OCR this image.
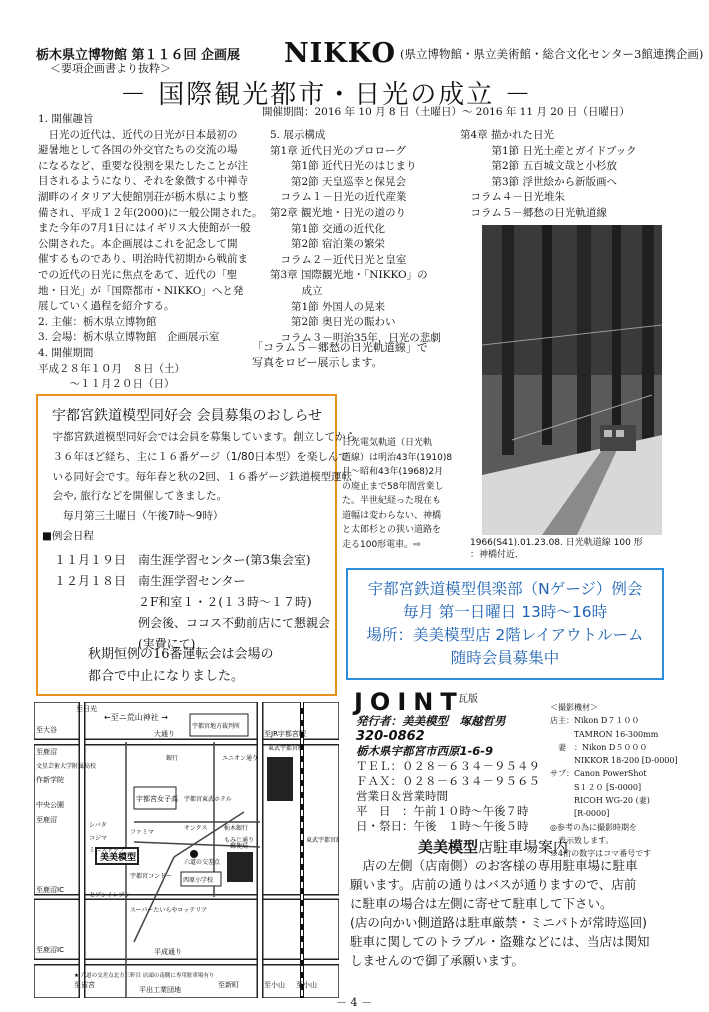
栃木県立博物館 第１１６回 企画展
＜要項企画書より抜粋＞	NIKKO (県立博物館・県立美術館・総合文化センター3館連携企画)
－ 国際観光都市・日光の成立 －
開催期間：2016 年 10 月 8 日（土曜日）～ 2016 年 11 月 20 日（日曜日）
1. 開催趣旨
　日光の近代は、近代の日光が日本最初の
避暑地として各国の外交官たちの交流の場
になるなど、重要な役割を果たしたことが注
目されるようになり、それを象徴する中禅寺
湖畔のイタリア大使館別荘が栃木県により整
備され、平成１２年(2000)に一般公開された。
また今年の7月1日にはイギリス大使館が一般
公開された。本企画展はこれを記念して開
催するものであり、明治時代初期から戦前ま
での近代の日光に焦点をあて、近代の「聖
地・日光」が「国際都市・NIKKO」へと発
展していく過程を紹介する。
2. 主催：栃木県立博物館
3. 会場：栃木県立博物館　企画展示室
4. 開催期間
平成２８年１０月　８日（土）
　　　～１１月２０日（日）
5. 展示構成
第1章 近代日光のプロローグ
　　第1節 近代日光のはじまり
　　第2節 天皇巡幸と保晃会
　コラム１－日光の近代産業
第2章 観光地・日光の道のり
　　第1節 交通の近代化
　　第2節 宿泊業の繁栄
　コラム２－近代日光と皇室
第3章 国際観光地・「NIKKO」の
　　　成立
　　第1節 外国人の晃来
　　第2節 奥日光の賑わい
　コラム３－明治35年，日光の悲劇
第4章 描かれた日光
　　　第1節 日光土産とガイドブック
　　　第2節 五百城文哉と小杉放
　　　第3節 浮世絵から新版画へ
　コラム４－日光堆朱
　コラム５－郷愁の日光軌道線
「コラム５－郷愁の日光軌道線」で
写真をロビー展示します。
日光電気軌道（日光軌
道線）は明治43年(1910)8
月～昭和43年(1968)2月
の廃止まで58年間営業し
た。半世紀経った現在も
道幅は変わらない、神橋
と太郎杉との狭い道路を
走る100形電車。⇨	1966(S41).01.23.08. 日光軌道線 100 形
：神橋付近．
宇都宮鉄道模型同好会 会員募集のおしらせ
　宇都宮鉄道模型同好会では会員を募集しています。創立してから
　３６年ほど経ち、主に１６番ゲージ（1/80日本型）を楽しんで
　いる同好会です。毎年春と秋の2回、１６番ゲージ鉄道模型運転
　会や, 旅行などを開催してきました。
　　毎月第三土曜日（午後7時～9時）
■例会日程
　１１月１９日　南生涯学習センター(第3集会室)
　１２月１８日　南生涯学習センター
　　　　　　　　２F和室１・２(１３時～１７時)
　　　　　　　　例会後、ココス不動前店にて懇親会
　　　　　　　　(実費にて)
秋期恒例の16番運転会は会場の
都合で中止になりました。
宇都宮鉄道模型倶楽部（Nゲージ）例会
毎月 第一日曜日 13時～16時
場所：美美模型店 2階レイアウトルーム
随時会員募集中
←至ニ荒山神社 →
至日光
平出工業団地
至大谷	大通り
銀行
宇都宮地方裁判所
ユニオン通り
至JR宇都宮駅
至鹿沼	東武宇都宮駅
文星芸術大学附属高校
作新学院
宇都宮女子高 宇都宮東武ホテル
中央公園
至鹿沼
シバタ
コジマ
ファミマ
サンクス	栃木銀行
もみじ通り
ミニストップ
美美模型
宇都宮コンドー
六道の交差点
郵便局
西原小学校
東武宇都宮線
至鹿沼IC
セブンイレブン
スーパーたいらやロッテリア
至鹿沼IC	平成通り
至雀宮	至新町	至小山 至小山
★ 六道の交差点北方三軒目 店頭の南側に専用駐車場有り
JOINT
瓦版
発行者：美美模型　塚越哲男
320-0862
栃木県宇都宮市西原1-6-9
ＴＥＬ：０２８－６３４－９５４９
ＦＡＸ：０２８－６３４－９５６５
営業日＆営業時間
平　日　：午前１０時～午後７時
日・祭日：午後　１時～午後５時
＜撮影機材＞
店主：Nikon D７１００
　　　TAMRON 16-300mm
　妻　：Nikon D５０００
　　　NIKKOR 18-200 [D-0000]
サブ：Canon PowerShot
　　　S１２０ [S-0000]
　　　RICOH WG-20 (妻)
　　　[R-0000]
◎参考の為に撮影時期を
　表示致します。
※4桁の数字はコマ番号です
美美模型店駐車場案内
　店の左側（店南側）のお客様の専用駐車場に駐車
願います。店前の通りはバスが通りますので、店前
に駐車の場合は左側に寄せて駐車して下さい。
(店の向かい側道路は駐車厳禁・ミニパトが常時巡回)
駐車に関してのトラブル・盗難などには、当店は関知
しませんので御了承願います。
－ 4 －
